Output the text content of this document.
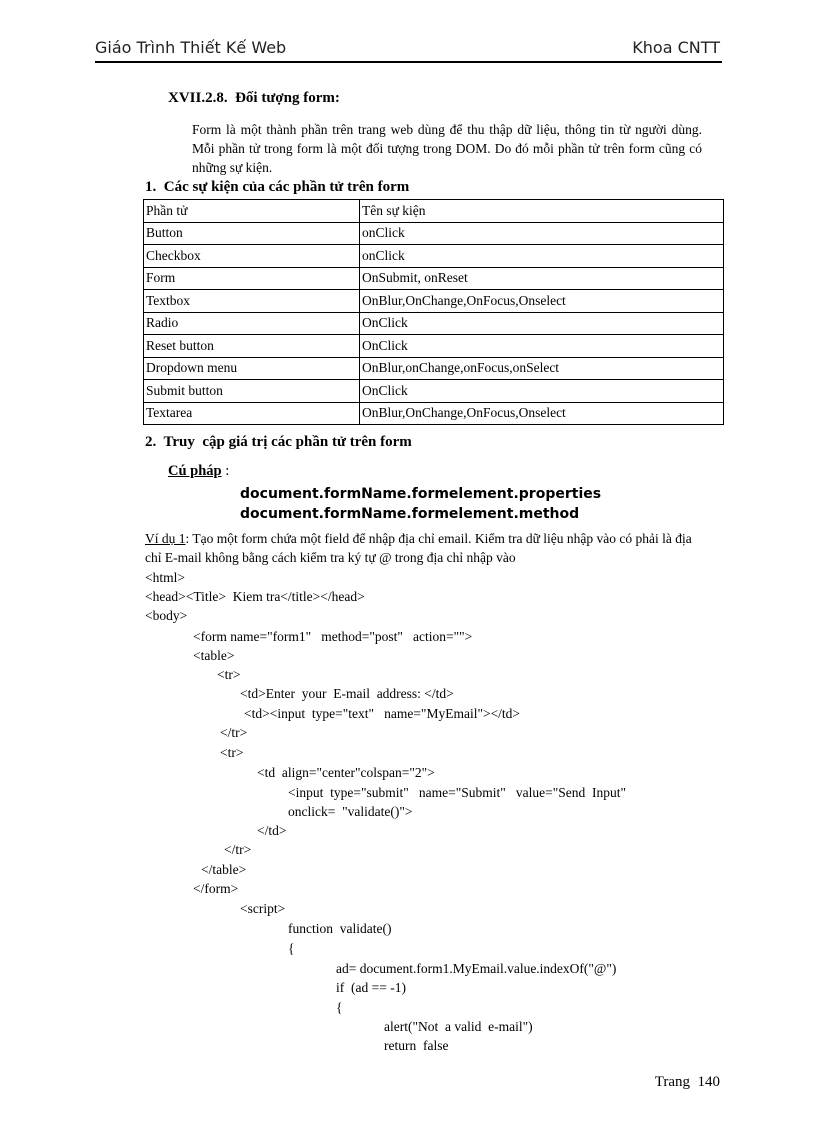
Giáo Trình Thiết Kế Web	Khoa CNTT
XVII.2.8.  Đối tượng form:
Form là một thành phần trên trang web dùng để thu thập dữ liệu, thông tin từ người dùng. Mỗi phần tử trong form là một đối tượng trong DOM. Do đó mỗi phần tử trên form cũng có những sự kiện.
1.  Các sự kiện của các phần tử trên form
Phần tử	Tên sự kiện
Button	onClick
Checkbox	onClick
Form	OnSubmit, onReset
Textbox	OnBlur,OnChange,OnFocus,Onselect
Radio	OnClick
Reset button	OnClick
Dropdown menu	OnBlur,onChange,onFocus,onSelect
Submit button	OnClick
Textarea	OnBlur,OnChange,OnFocus,Onselect
2.  Truy  cập giá trị các phần tử trên form
Cú pháp :
document.formName.formelement.properties
document.formName.formelement.method
Ví dụ 1: Tạo một form chứa một field để nhập địa chỉ email. Kiểm tra dữ liệu nhập vào có phải là địa chỉ E-mail không bằng cách kiểm tra ký tự @ trong địa chỉ nhập vào
<html>
<head><Title>  Kiem tra</title></head>
<body>
<form name="form1"   method="post"   action="">
<table>
<tr>
<td>Enter  your  E-mail  address: </td>
<td><input  type="text"   name="MyEmail"></td>
</tr>
<tr>
<td  align="center"colspan="2">
<input  type="submit"   name="Submit"   value="Send  Input"
onclick=  "validate()">
</td>
</tr>
</table>
</form>
<script>
function  validate()
{
ad= document.form1.MyEmail.value.indexOf("@")
if  (ad == -1)
{
alert("Not  a valid  e-mail")
return  false
Trang  140
